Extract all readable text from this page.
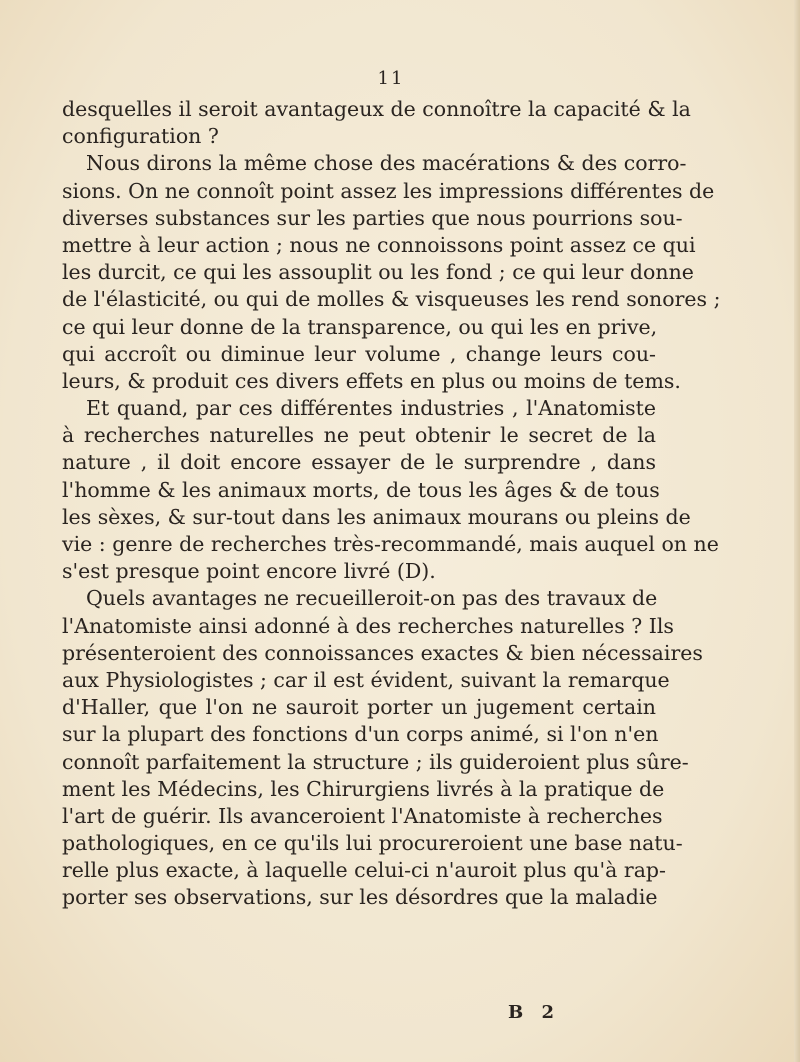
11
desquelles il seroit avantageux de connoître la capacité & la
configuration ?
Nous dirons la même chose des macérations & des corro-
sions. On ne connoît point assez les impressions différentes de
diverses substances sur les parties que nous pourrions sou-
mettre à leur action ; nous ne connoissons point assez ce qui
les durcit, ce qui les assouplit ou les fond ; ce qui leur donne
de l'élasticité, ou qui de molles & visqueuses les rend sonores ;
ce qui leur donne de la transparence, ou qui les en prive,
qui accroît ou diminue leur volume , change leurs cou-
leurs, & produit ces divers effets en plus ou moins de tems.
Et quand, par ces différentes industries , l'Anatomiste
à recherches naturelles ne peut obtenir le secret de la
nature , il doit encore essayer de le surprendre , dans
l'homme & les animaux morts, de tous les âges & de tous
les sèxes, & sur-tout dans les animaux mourans ou pleins de
vie : genre de recherches très-recommandé, mais auquel on ne
s'est presque point encore livré (D).
Quels avantages ne recueilleroit-on pas des travaux de
l'Anatomiste ainsi adonné à des recherches naturelles ? Ils
présenteroient des connoissances exactes & bien nécessaires
aux Physiologistes ; car il est évident, suivant la remarque
d'Haller, que l'on ne sauroit porter un jugement certain
sur la plupart des fonctions d'un corps animé, si l'on n'en
connoît parfaitement la structure ; ils guideroient plus sûre-
ment les Médecins, les Chirurgiens livrés à la pratique de
l'art de guérir. Ils avanceroient l'Anatomiste à recherches
pathologiques, en ce qu'ils lui procureroient une base natu-
relle plus exacte, à laquelle celui-ci n'auroit plus qu'à rap-
porter ses observations, sur les désordres que la maladie
B 2
